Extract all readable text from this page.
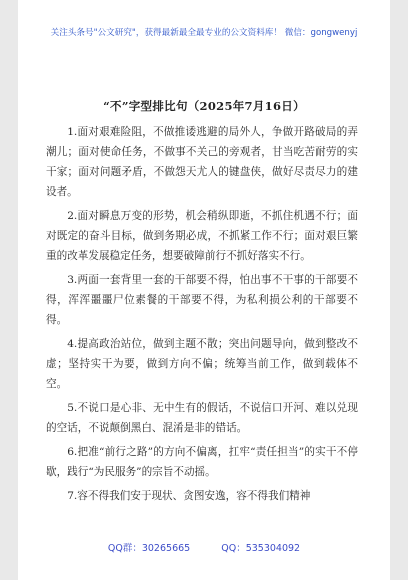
关注头条号"公文研究"，获得最新最全最专业的公文资料库！ 微信：gongwenyj
“不”字型排比句（2025年7月16日）

1.面对艰难险阻，不做推诿逃避的局外人，争做开路破局的弄潮儿；面对使命任务，不做事不关己的旁观者，甘当吃苦耐劳的实干家；面对问题矛盾，不做怨天尤人的键盘侠，做好尽责尽力的建设者。

2.面对瞬息万变的形势，机会稍纵即逝，不抓住机遇不行；面对既定的奋斗目标，做到务期必成，不抓紧工作不行；面对艰巨繁重的改革发展稳定任务，想要破障前行不抓好落实不行。

3.两面一套背里一套的干部要不得，怕出事不干事的干部要不得，浑浑噩噩尸位素餐的干部要不得，为私利损公利的干部要不得。

4.提高政治站位，做到主题不散；突出问题导向，做到整改不虚；坚持实干为要，做到方向不偏；统筹当前工作，做到载体不空。

5.不说口是心非、无中生有的假话，不说信口开河、难以兑现的空话，不说颠倒黑白、混淆是非的错话。

6.把准“前行之路”的方向不偏离，扛牢“责任担当”的实干不停歇，践行“为民服务”的宗旨不动摇。

7.容不得我们安于现状、贪图安逸，容不得我们精神

QQ群：30265665	QQ：535304092
